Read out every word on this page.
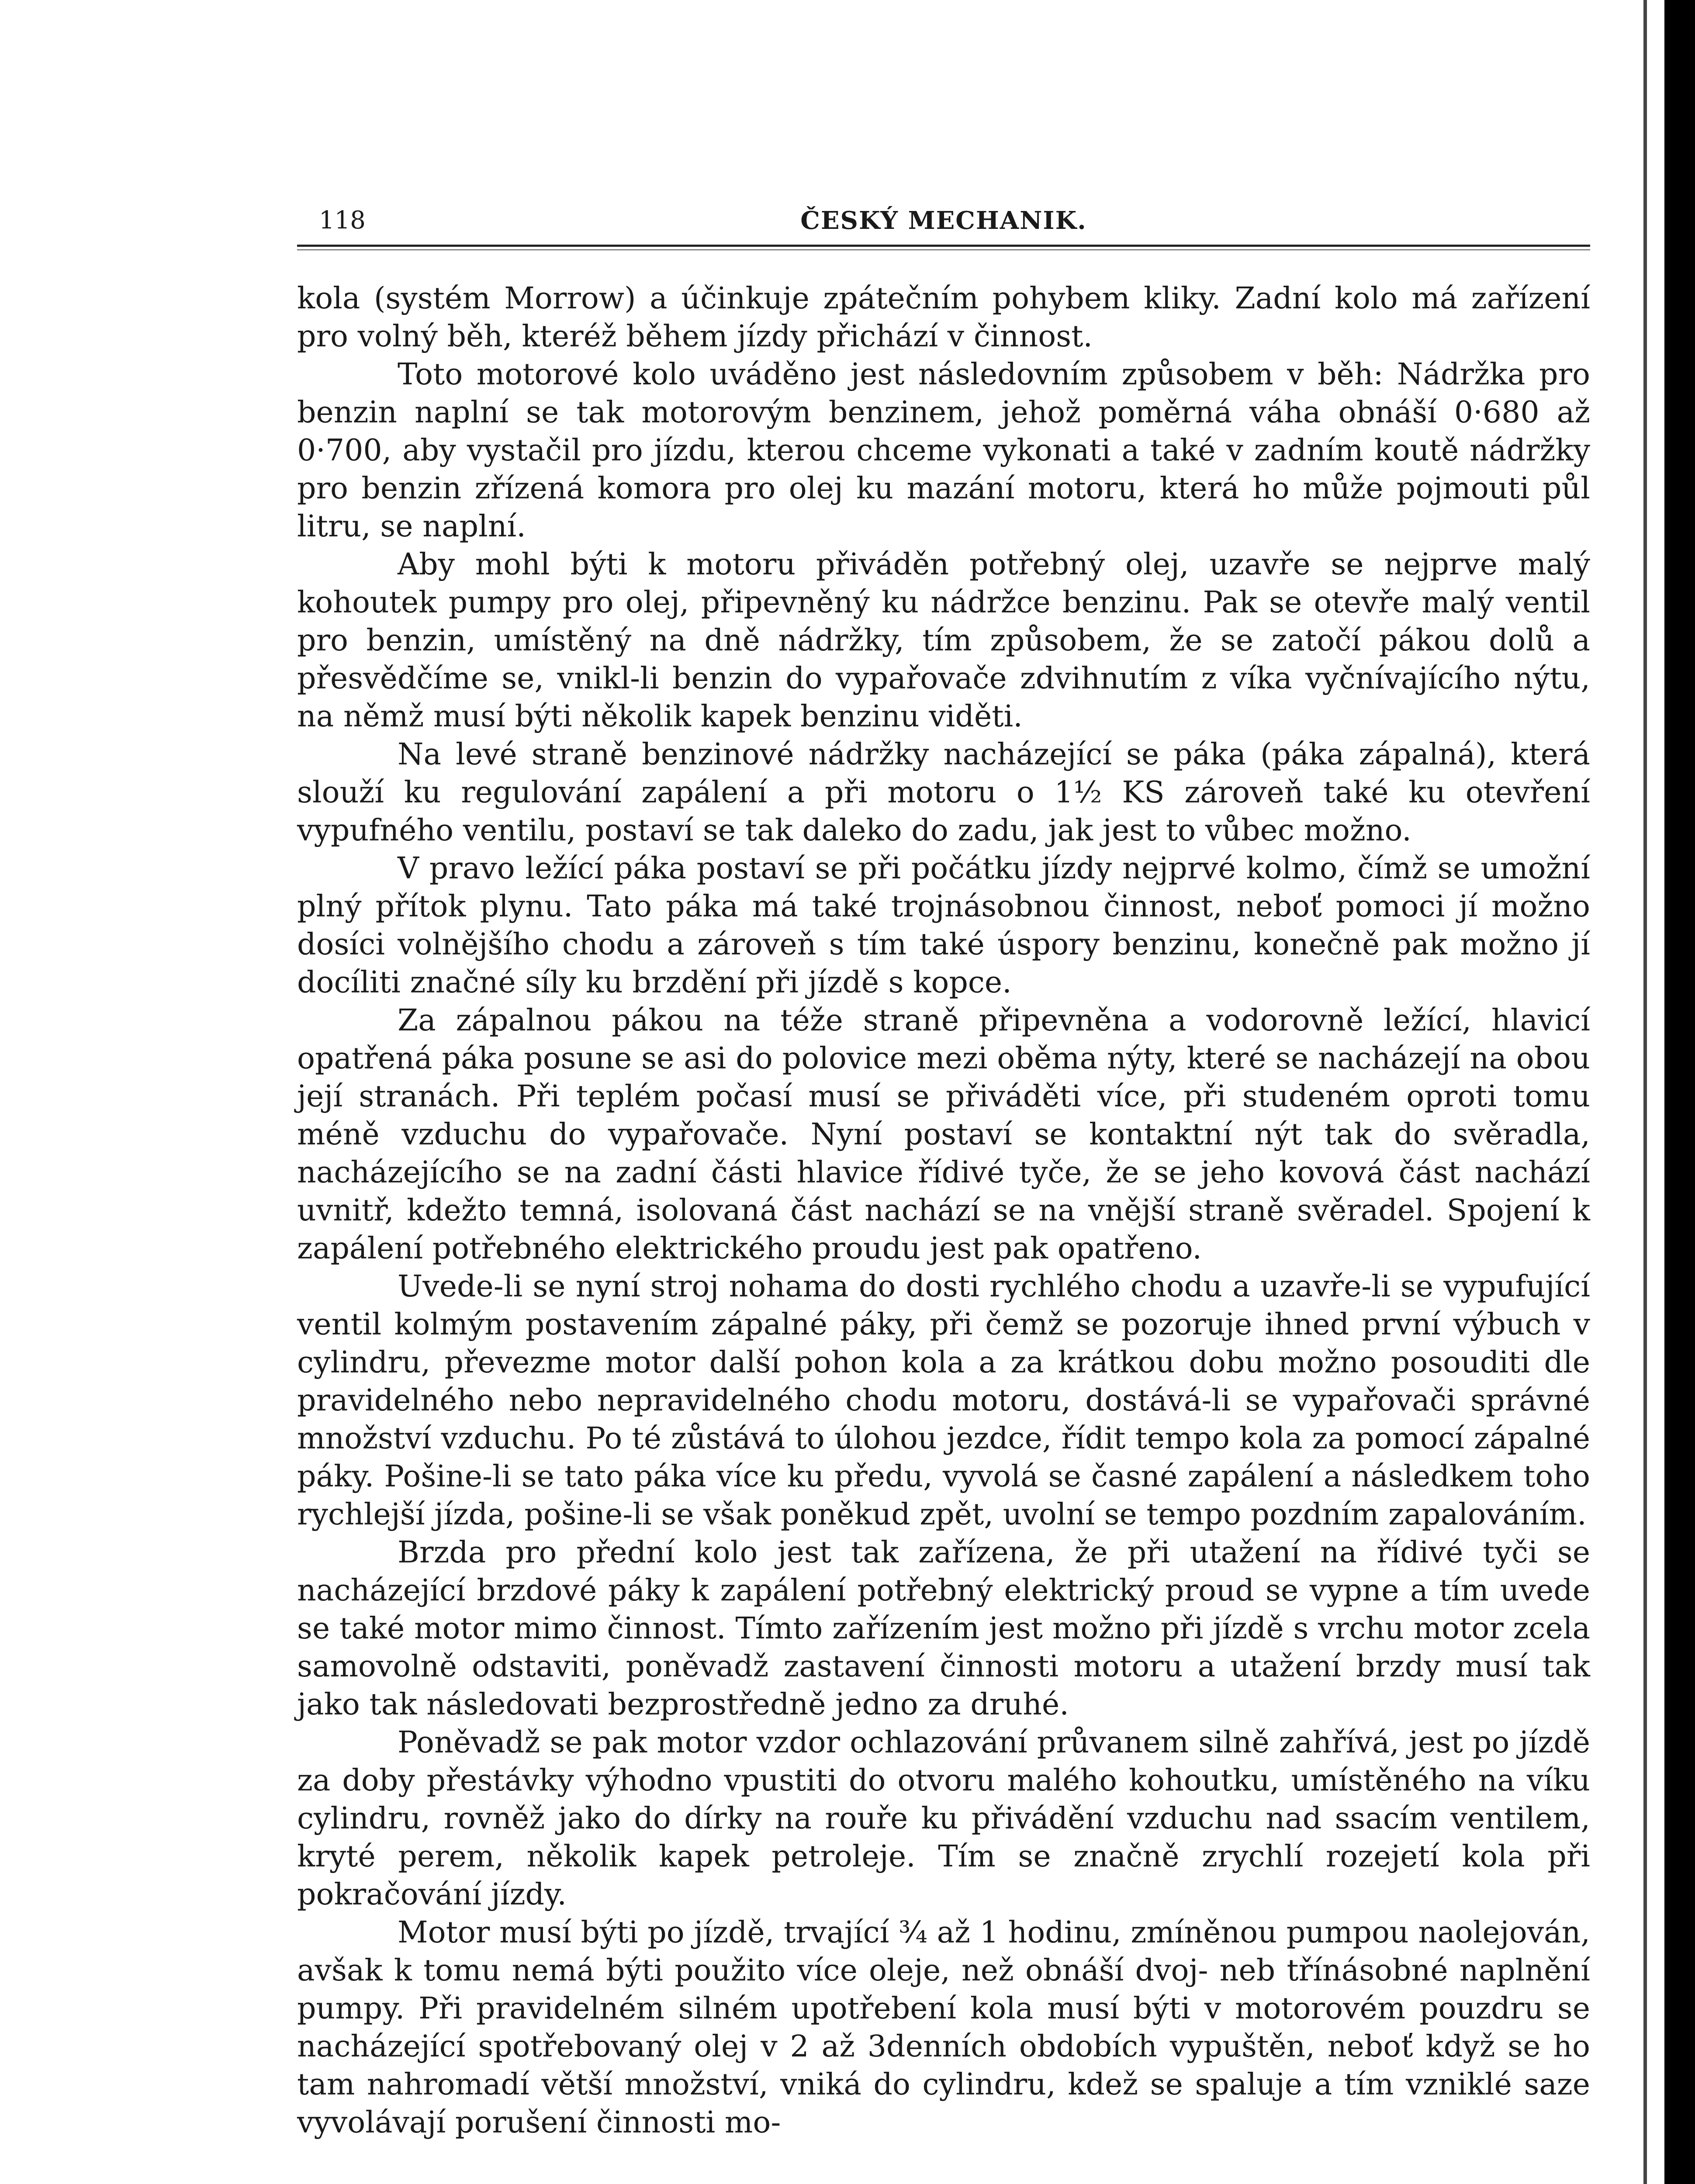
ČESKÝ MECHANIK.
118

kola (systém Morrow) a účinkuje zpátečním pohybem kliky. Zadní kolo má zařízení pro volný běh, kteréž během jízdy přichází v činnost.

Toto motorové kolo uváděno jest následovním způsobem v běh: Nádržka pro benzin naplní se tak motorovým benzinem, jehož poměrná váha obnáší 0·680 až 0·700, aby vystačil pro jízdu, kterou chceme vykonati a také v zadním koutě nádržky pro benzin zřízená komora pro olej ku mazání motoru, která ho může pojmouti půl litru, se naplní.

Aby mohl býti k motoru přiváděn potřebný olej, uzavře se nejprve malý kohoutek pumpy pro olej, připevněný ku nádržce benzinu. Pak se otevře malý ventil pro benzin, umístěný na dně nádržky, tím způsobem, že se zatočí pákou dolů a přesvědčíme se, vnikl-li benzin do vypařovače zdvihnutím z víka vyčnívajícího nýtu, na němž musí býti několik kapek benzinu viděti.

Na levé straně benzinové nádržky nacházející se páka (páka zápalná), která slouží ku regulování zapálení a při motoru o 1½ KS zároveň také ku otevření vypufného ventilu, postaví se tak daleko do zadu, jak jest to vůbec možno.

V pravo ležící páka postaví se při počátku jízdy nejprvé kolmo, čímž se umožní plný přítok plynu. Tato páka má také trojnásobnou činnost, neboť pomoci jí možno dosíci volnějšího chodu a zároveň s tím také úspory benzinu, konečně pak možno jí docíliti značné síly ku brzdění při jízdě s kopce.

Za zápalnou pákou na téže straně připevněna a vodorovně ležící, hlavicí opatřená páka posune se asi do polovice mezi oběma nýty, které se nacházejí na obou její stranách. Při teplém počasí musí se přiváděti více, při studeném oproti tomu méně vzduchu do vypařovače. Nyní postaví se kontaktní nýt tak do svěradla, nacházejícího se na zadní části hlavice řídivé tyče, že se jeho kovová část nachází uvnitř, kdežto temná, isolovaná část nachází se na vnější straně svěradel. Spojení k zapálení potřebného elektrického proudu jest pak opatřeno.

Uvede-li se nyní stroj nohama do dosti rychlého chodu a uzavře-li se vypufující ventil kolmým postavením zápalné páky, při čemž se pozoruje ihned první výbuch v cylindru, převezme motor další pohon kola a za krátkou dobu možno posouditi dle pravidelného nebo nepravidelného chodu motoru, dostává-li se vypařovači správné množství vzduchu. Po té zůstává to úlohou jezdce, řídit tempo kola za pomocí zápalné páky. Pošine-li se tato páka více ku předu, vyvolá se časné zapálení a následkem toho rychlejší jízda, pošine-li se však poněkud zpět, uvolní se tempo pozdním zapalováním.

Brzda pro přední kolo jest tak zařízena, že při utažení na řídivé tyči se nacházející brzdové páky k zapálení potřebný elektrický proud se vypne a tím uvede se také motor mimo činnost. Tímto zařízením jest možno při jízdě s vrchu motor zcela samovolně odstaviti, poněvadž zastavení činnosti motoru a utažení brzdy musí tak jako tak následovati bezprostředně jedno za druhé.

Poněvadž se pak motor vzdor ochlazování průvanem silně zahřívá, jest po jízdě za doby přestávky výhodno vpustiti do otvoru malého kohoutku, umístěného na víku cylindru, rovněž jako do dírky na rouře ku přivádění vzduchu nad ssacím ventilem, kryté perem, několik kapek petroleje. Tím se značně zrychlí rozejetí kola při pokračování jízdy.

Motor musí býti po jízdě, trvající ¾ až 1 hodinu, zmíněnou pumpou naolejován, avšak k tomu nemá býti použito více oleje, než obnáší dvoj- neb třínásobné naplnění pumpy. Při pravidelném silném upotřebení kola musí býti v motorovém pouzdru se nacházející spotřebovaný olej v 2 až 3denních obdobích vypuštěn, neboť když se ho tam nahromadí větší množství, vniká do cylindru, kdež se spaluje a tím vzniklé saze vyvolávají porušení činnosti mo-
